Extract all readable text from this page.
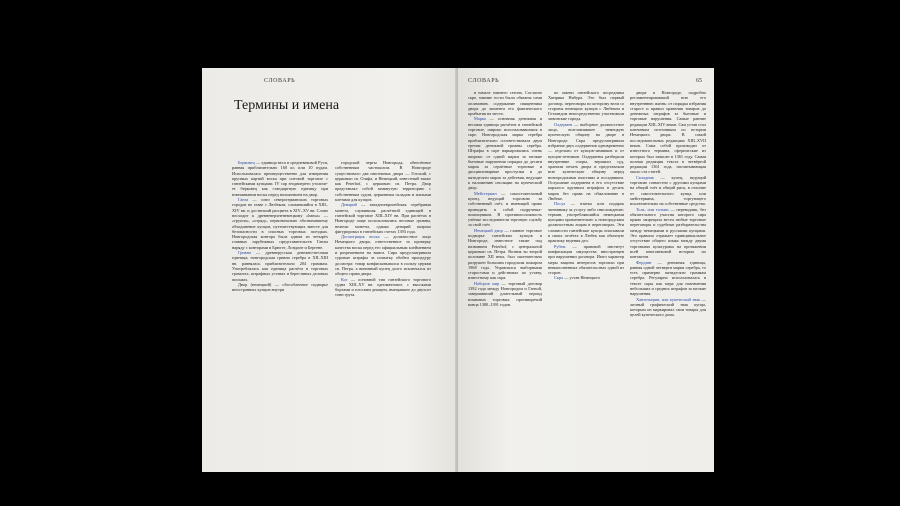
СЛОВАРЬ
Термины и имена

Берковец — единица веса в средневековой Руси, равная приблизительно 160 кг, или 10 пудам. Использовалась преимущественно для измерения крупных партий воска при оптовой торговле с ганзейскими купцами. IV сар зеодвиерето утоличе- ет берковец как стандартную единицу при взвешивании воска перед наложением на двор.

Ганза — союз северогерманских торговых городов во главе с Любеком, сложившийся в XIII–XIV вв. и достигший расцвета в XIV–XV вв. Слово восходит к древневерхненемецкому «hansa» — «группа», «отряд», первоначально обозначавшему объединение купцов, путешествующих вместе для безопасности в опасных торговых поездках. Новгородская контора была одним из четырёх главных зарубежных представительств Ганзы наряду с конторами в Брюгге, Лондоне и Бергене.

Гривна — древнерусская денежно-весовая единица; новгородская гривна серебра в XII–XIII вв. равнялась приблизительно 204 граммам. Употреблялась как единица расчёта в торговых грамотах, штрафных уставах и берестяных деловых письмах.

Двор (немецкий) — обособленное подворье иностранных купцов внутри

городской черты Новгорода, обнесённое собственным частоколом. В Новгороде существовало два иноземных двора — Готский, с церковью св. Олафа, и Немецкий, известный также как Peterhof, с церковью св. Петра. Двор представлял собой замкнутую территорию с собственным судом, церковным складом и жилыми клетями для купцов.

Денарий — западноевропейская серебряная монета, служившая расчётной единицей в ганзейской торговле XIII–XIV вв. При расчётах в Новгороде чаще использовались весовые гривны, нежели монеты, однако денарий широко фигурировал в ганзейских счетах 1393 года.

Досмотрщик воска — должностное лицо Немецкого двора, ответственное за проверку качества воска перед его официальным клеймением и разрешением на вывоз. Сира предусматривала суровые штрафы за попытку обойти процедуру досмотра: товар конфисковывался в пользу церкви св. Петра, а виновный купец долго исключался из общего права двора.

Ког — основной тип ганзейского торгового судна XIII–XV вв. одномачтовое, с высокими бортами и плоским днищем, вмещавшее до двухсот тонн груза.

СЛОВАРЬ	65

в начале зимнего сезона. Согласно скре, зимние гости были обязаны сами оплачивать содержание священника двора до момента его фактического прибытия на место.

Марка — основная денежная и весовая единица расчётов в ганзейской торговле, широко использовавшаяся в скре. Новгородская марка серебра приблизительно соответствовала двум третям денежной гривны серебра. Штрафы в скре варьировались очень широко: от одной марки за мелкие бытовые нарушения порядка до десяти марок за серьёзные торговые и дисциплинарные проступки и до пятидесяти марок за действия, ведущие к наложению изоляции на купеческий двор.

Мейстерман — самостоятельный купец, ведущий торговлю за собственный счёт, и имеющий право приводить в собой подручных-помощников. В противоположность учёные исследователи торговую службу за свой счёт.

Немецкий двор — главное торговое подворье ганзейских купцов в Новгороде, известное также под названием Peterhof, с центральной церковью св. Петра. Возник во второй половине XII века, был окончательно разрушен большим городским пожаром 1968 года. Управлялся выборными старостами и действовал по уставу, известному как скра.

Наборов мир — торговый договор 1392 года между Новгородом и Ганзой, завершивший длительный период взаимных торговых противоречий конца 1380–1391 годов.

по имени ганзейского посредника Хинрика Нибура. Это был первый договор, переговоры по которому вели со стороны немецких купцов с Любеком и Готландом непосредственно участвовали ливонские города.

Олдермен — выборное должностное лицо, возглавлявшее немецкую купеческую общину на дворе в Новгороде. Скра предусматривала избрание двух олдерменов одновременно — отдельно от купцов-зимников и от купцов-летников. Олдермены разбирали внутренние споры, вершили суд, хранили печать двора и представляли всю купеческую общину перед новгородскими властями и посадником. Ослушание олдермена в его отсутствие каралось крупным штрафом в десять марок без права на обжалование в Любеке.

Посул — взятка или подарок чиновнику за услугу либо снисхождение; термин, употреблявшийся немецкими купцами применительно к новгородским должностным лицам в переговорах. Эти сложности ганзейские купцы описывали в своих отчётах в Любек как обычную практику ведения дел.

Рубеж — правовой институт конфискации имущества иностранцев при нарушении договора. Имел характер меры защиты интересов торговли при невыполненных обязательствах одной из сторон.

Скра — устав Немецкого

двора в Новгороде, подробно регламентировавший всю его внутреннюю жизнь: от порядка избрания старост и правил хранения товаров до денежных штрафов за бытовые и торговые нарушения. Самые ранние редакции XIII–XIV веков. Сам устав стал ключевым источником по истории Немецкого двора. В самой последовательных редакциях XIII–XVII веков. Сама собой производит от известного термина, сферические из которых был записан в 1361 году. Самая полная редакция текста в четвёртой редакции 1361 года, насчитывающая около ста статей.

Складник — купец, ведущий торговлю совместно с другими купцами на общий счёт и общий риск, в отличие от самостоятельного купца, или мейстермана, торгующего исключительно на собственные средства.

Толк, или толмач — переводчик, без обязательного участия которого сира прямо запрещала вести любые торговые переговоры и судебные разбирательства между немецкими и русскими купцами. Это правило отражает принципиальное отсутствие общего языка между двумя торговыми культурами на протяжении всей многовековой истории их контактов.

Фердинг — денежная единица, равная одной четверти марки серебра, то есть примерно пятидесяти граммам серебра. Регулярно использовалась в тексте скры как мера для назначения небольших и средних штрафов за мелкие нарушения.

Ханзеэкерив, или купеческий знак — личный графический знак купца, которым он маркировал свои товары для целей купеческого дома.
